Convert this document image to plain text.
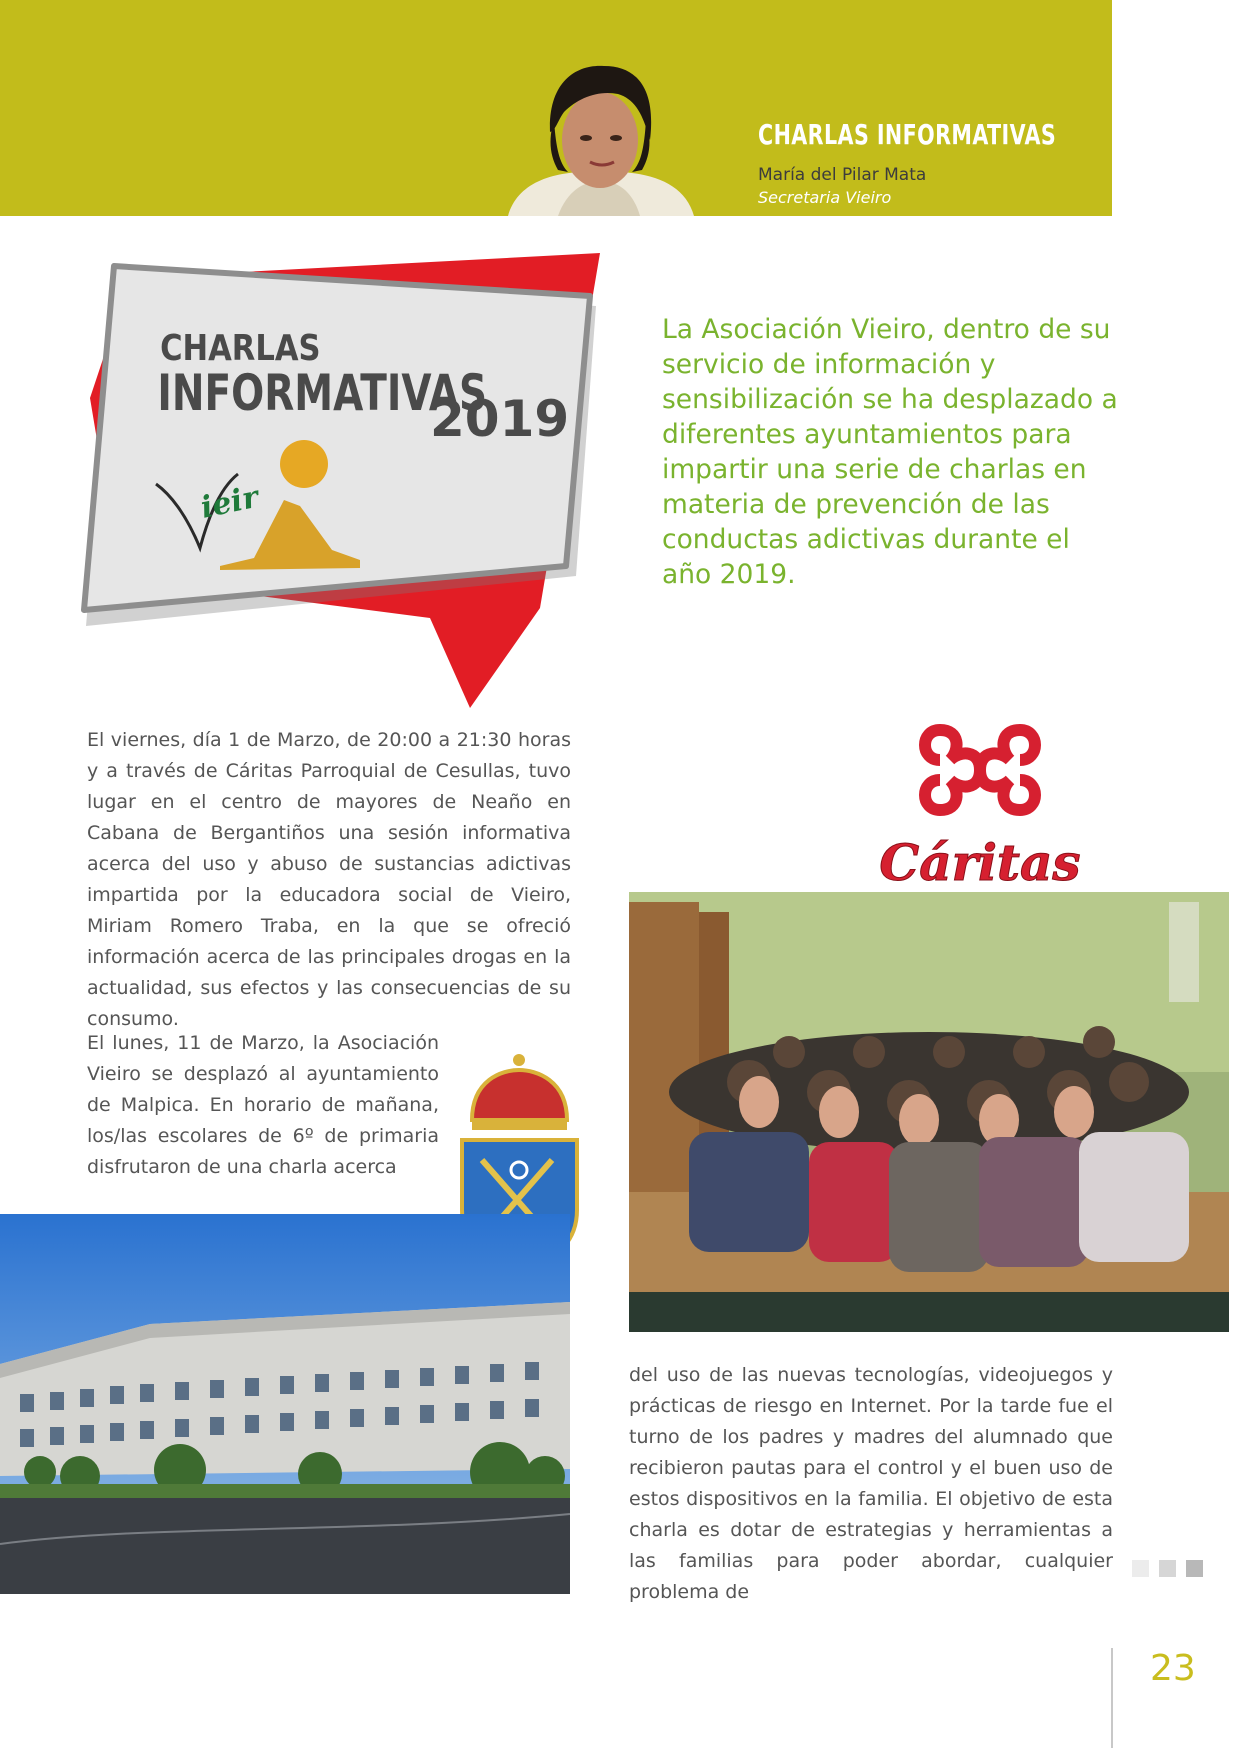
CHARLAS INFORMATIVAS
María del Pilar Mata
Secretaria Vieiro
CHARLAS
INFORMATIVAS
2019
ieir
La Asociación Vieiro, dentro de su servicio de información y sensibilización se ha desplazado a diferentes ayuntamientos para impartir una serie de charlas en materia de prevención de las conductas adictivas durante el año 2019.
El viernes, día 1 de Marzo, de 20:00 a 21:30 horas y a través de Cáritas Parroquial de Cesullas, tuvo lugar en el centro de mayores de Neaño en Cabana de Bergantiños una sesión informativa acerca del uso y abuso de sustancias adictivas impartida por la educadora social de Vieiro, Miriam Romero Traba, en la que se ofreció información acerca de las principales drogas en la actualidad, sus efectos y las consecuencias de su consumo.
El lunes, 11 de Marzo, la Asociación Vieiro se desplazó al ayuntamiento de Malpica. En horario de mañana, los/las escolares de 6º de primaria disfrutaron de una charla acerca
Cáritas
del uso de las nuevas tecnologías, videojuegos y prácticas de riesgo en Internet. Por la tarde fue el turno de los padres y madres del alumnado que recibieron pautas para el control y el buen uso de estos dispositivos en la familia. El objetivo de esta charla es dotar de estrategias y herramientas a las familias para poder abordar, cualquier problema de
23
